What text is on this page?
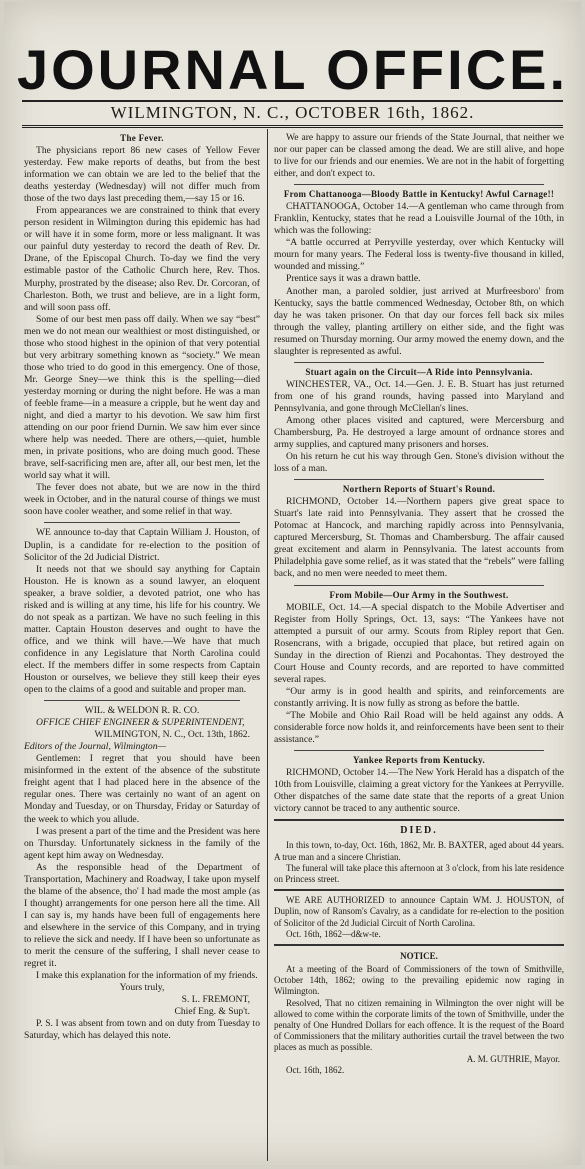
JOURNAL OFFICE.
WILMINGTON, N. C., OCTOBER 16th, 1862.
The Fever.

The physicians report 86 new cases of Yellow Fever yesterday. Few make reports of deaths, but from the best information we can obtain we are led to the belief that the deaths yesterday (Wednesday) will not differ much from those of the two days last preceding them,—say 15 or 16.

From appearances we are constrained to think that every person resident in Wilmington during this epidemic has had or will have it in some form, more or less malignant. It was our painful duty yesterday to record the death of Rev. Dr. Drane, of the Episcopal Church. To-day we find the very estimable pastor of the Catholic Church here, Rev. Thos. Murphy, prostrated by the disease; also Rev. Dr. Corcoran, of Charleston. Both, we trust and believe, are in a light form, and will soon pass off.

Some of our best men pass off daily. When we say “best” men we do not mean our wealthiest or most distinguished, or those who stood highest in the opinion of that very potential but very arbitrary something known as “society.” We mean those who tried to do good in this emergency. One of those, Mr. George Sney—we think this is the spelling—died yesterday morning or during the night before. He was a man of feeble frame—in a measure a cripple, but he went day and night, and died a martyr to his devotion. We saw him first attending on our poor friend Durnin. We saw him ever since where help was needed. There are others,—quiet, humble men, in private positions, who are doing much good. These brave, self-sacrificing men are, after all, our best men, let the world say what it will.

The fever does not abate, but we are now in the third week in October, and in the natural course of things we must soon have cooler weather, and some relief in that way.

WE announce to-day that Captain William J. Houston, of Duplin, is a candidate for re-election to the position of Solicitor of the 2d Judicial District.

It needs not that we should say anything for Captain Houston. He is known as a sound lawyer, an eloquent speaker, a brave soldier, a devoted patriot, one who has risked and is willing at any time, his life for his country. We do not speak as a partizan. We have no such feeling in this matter. Captain Houston deserves and ought to have the office, and we think will have.—We have that much confidence in any Legislature that North Carolina could elect. If the members differ in some respects from Captain Houston or ourselves, we believe they still keep their eyes open to the claims of a good and suitable and proper man.

WIL. & WELDON R. R. CO.

OFFICE CHIEF ENGINEER & SUPERINTENDENT,

WILMINGTON, N. C., Oct. 13th, 1862.

Editors of the Journal, Wilmington—

Gentlemen: I regret that you should have been misinformed in the extent of the absence of the substitute freight agent that I had placed here in the absence of the regular ones. There was certainly no want of an agent on Monday and Tuesday, or on Thursday, Friday or Saturday of the week to which you allude.

I was present a part of the time and the President was here on Thursday. Unfortunately sickness in the family of the agent kept him away on Wednesday.

As the responsible head of the Department of Transportation, Machinery and Roadway, I take upon myself the blame of the absence, tho' I had made the most ample (as I thought) arrangements for one person here all the time. All I can say is, my hands have been full of engagements here and elsewhere in the service of this Company, and in trying to relieve the sick and needy. If I have been so unfortunate as to merit the censure of the suffering, I shall never cease to regret it.

I make this explanation for the information of my friends.

Yours truly,

S. L. FREMONT,

Chief Eng. & Sup't.

P. S. I was absent from town and on duty from Tuesday to Saturday, which has delayed this note.

We are happy to assure our friends of the State Journal, that neither we nor our paper can be classed among the dead. We are still alive, and hope to live for our friends and our enemies. We are not in the habit of forgetting either, and don't expect to.

From Chattanooga—Bloody Battle in Kentucky! Awful Carnage!!

CHATTANOOGA, October 14.—A gentleman who came through from Franklin, Kentucky, states that he read a Louisville Journal of the 10th, in which was the following:

“A battle occurred at Perryville yesterday, over which Kentucky will mourn for many years. The Federal loss is twenty-five thousand in killed, wounded and missing.”

Prentice says it was a drawn battle.

Another man, a paroled soldier, just arrived at Murfreesboro' from Kentucky, says the battle commenced Wednesday, October 8th, on which day he was taken prisoner. On that day our forces fell back six miles through the valley, planting artillery on either side, and the fight was resumed on Thursday morning. Our army mowed the enemy down, and the slaughter is represented as awful.

Stuart again on the Circuit—A Ride into Pennsylvania.

WINCHESTER, VA., Oct. 14.—Gen. J. E. B. Stuart has just returned from one of his grand rounds, having passed into Maryland and Pennsylvania, and gone through McClellan's lines.

Among other places visited and captured, were Mercersburg and Chambersburg, Pa. He destroyed a large amount of ordnance stores and army supplies, and captured many prisoners and horses.

On his return he cut his way through Gen. Stone's division without the loss of a man.

Northern Reports of Stuart's Round.

RICHMOND, October 14.—Northern papers give great space to Stuart's late raid into Pennsylvania. They assert that he crossed the Potomac at Hancock, and marching rapidly across into Pennsylvania, captured Mercersburg, St. Thomas and Chambersburg. The affair caused great excitement and alarm in Pennsylvania. The latest accounts from Philadelphia gave some relief, as it was stated that the “rebels” were falling back, and no men were needed to meet them.

From Mobile—Our Army in the Southwest.

MOBILE, Oct. 14.—A special dispatch to the Mobile Advertiser and Register from Holly Springs, Oct. 13, says: “The Yankees have not attempted a pursuit of our army. Scouts from Ripley report that Gen. Rosencrans, with a brigade, occupied that place, but retired again on Sunday in the direction of Rienzi and Pocahontas. They destroyed the Court House and County records, and are reported to have committed several rapes.

“Our army is in good health and spirits, and reinforcements are constantly arriving. It is now fully as strong as before the battle.

“The Mobile and Ohio Rail Road will be held against any odds. A considerable force now holds it, and reinforcements have been sent to their assistance.”

Yankee Reports from Kentucky.

RICHMOND, October 14.—The New York Herald has a dispatch of the 10th from Louisville, claiming a great victory for the Yankees at Perryville. Other dispatches of the same date state that the reports of a great Union victory cannot be traced to any authentic source.

DIED.

In this town, to-day, Oct. 16th, 1862, Mr. B. BAXTER, aged about 44 years. A true man and a sincere Christian.

The funeral will take place this afternoon at 3 o'clock, from his late residence on Princess street.

WE ARE AUTHORIZED to announce Captain WM. J. HOUSTON, of Duplin, now of Ransom's Cavalry, as a candidate for re-election to the position of Solicitor of the 2d Judicial Circuit of North Carolina.

Oct. 16th, 1862—d&w-te.

NOTICE.

At a meeting of the Board of Commissioners of the town of Smithville, October 14th, 1862; owing to the prevailing epidemic now raging in Wilmington.

Resolved, That no citizen remaining in Wilmington the over night will be allowed to come within the corporate limits of the town of Smithville, under the penalty of One Hundred Dollars for each offence. It is the request of the Board of Commissioners that the military authorities curtail the travel between the two places as much as possible.

A. M. GUTHRIE, Mayor.

Oct. 16th, 1862.
